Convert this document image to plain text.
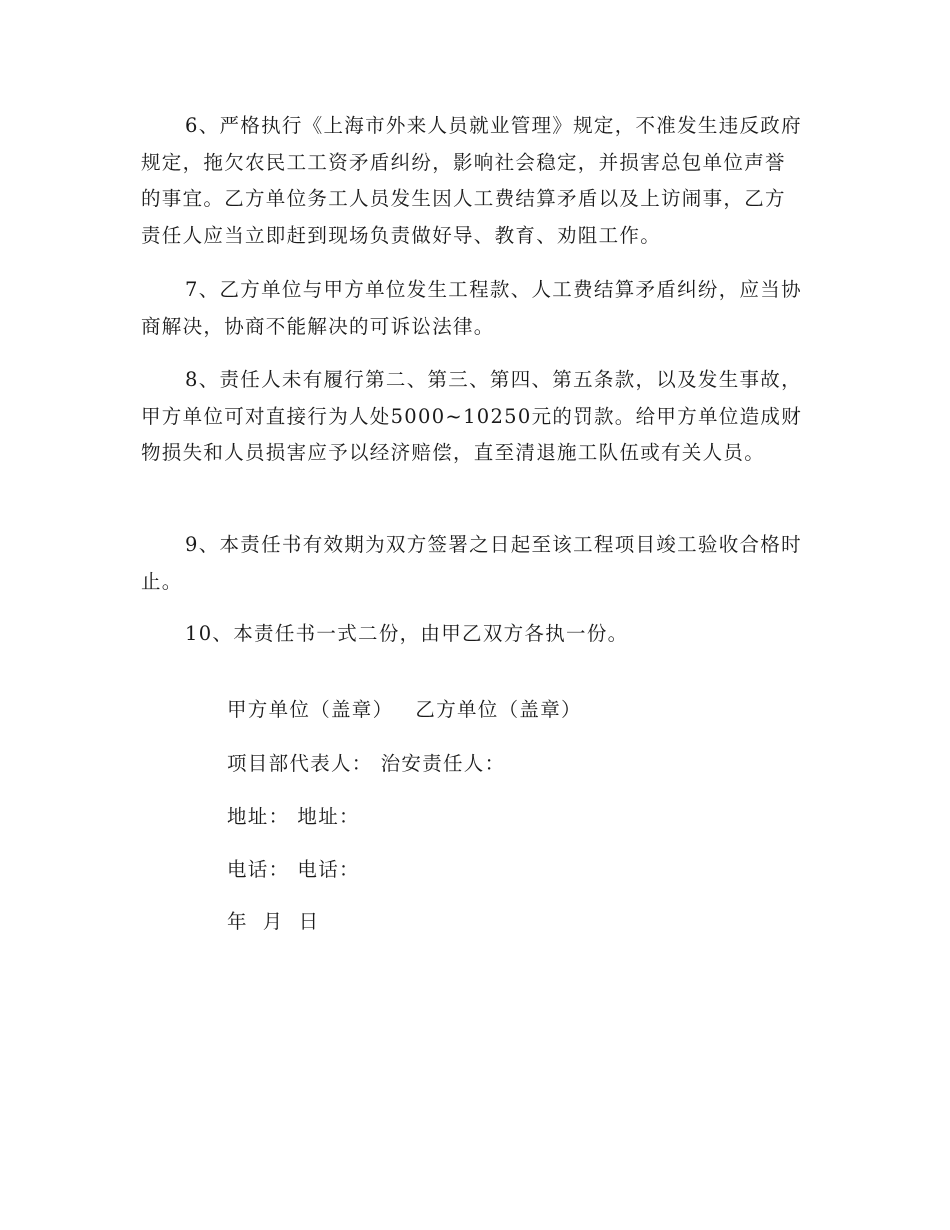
6、严格执行《上海市外来人员就业管理》规定，不准发生违反政府规定，拖欠农民工工资矛盾纠纷，影响社会稳定，并损害总包单位声誉的事宜。乙方单位务工人员发生因人工费结算矛盾以及上访闹事，乙方责任人应当立即赶到现场负责做好导、教育、劝阻工作。

7、乙方单位与甲方单位发生工程款、人工费结算矛盾纠纷，应当协商解决，协商不能解决的可诉讼法律。

8、责任人未有履行第二、第三、第四、第五条款，以及发生事故，甲方单位可对直接行为人处5000~10250元的罚款。给甲方单位造成财物损失和人员损害应予以经济赔偿，直至清退施工队伍或有关人员。

9、本责任书有效期为双方签署之日起至该工程项目竣工验收合格时止。

10、本责任书一式二份，由甲乙双方各执一份。

甲方单位（盖章） 乙方单位（盖章）

项目部代表人： 治安责任人：

地址： 地址：

电话： 电话：

年  月  日
